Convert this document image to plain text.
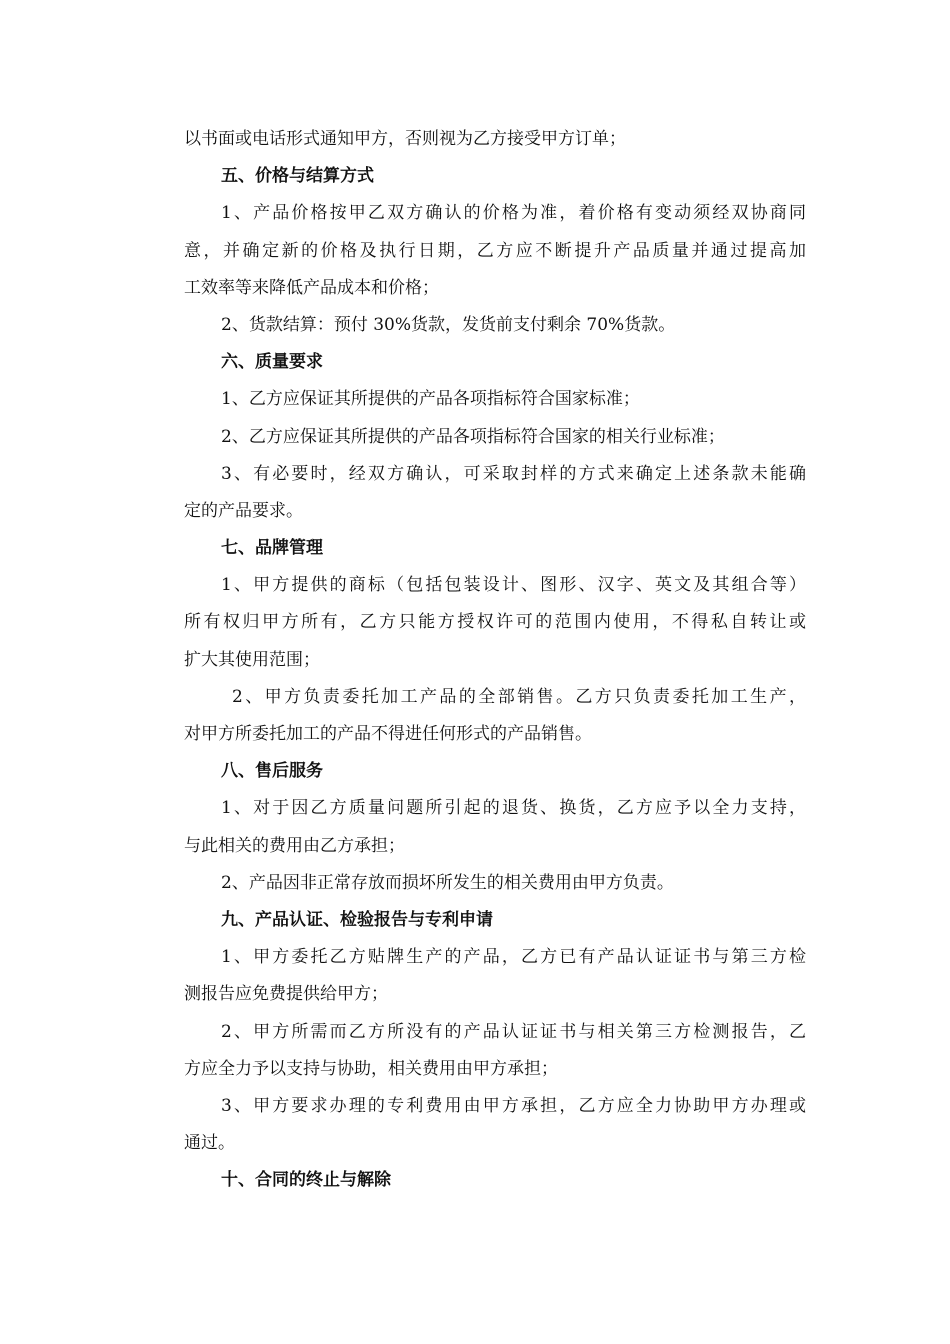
以书面或电话形式通知甲方，否则视为乙方接受甲方订单；

五、价格与结算方式

1、产品价格按甲乙双方确认的价格为准，着价格有变动须经双协商同

意，并确定新的价格及执行日期，乙方应不断提升产品质量并通过提高加

工效率等来降低产品成本和价格；

2、货款结算：预付 30%货款，发货前支付剩余 70%货款。

六、质量要求

1、乙方应保证其所提供的产品各项指标符合国家标准；

2、乙方应保证其所提供的产品各项指标符合国家的相关行业标准；

3、有必要时，经双方确认，可采取封样的方式来确定上述条款未能确

定的产品要求。

七、品牌管理

1、甲方提供的商标（包括包装设计、图形、汉字、英文及其组合等）

所有权归甲方所有，乙方只能方授权许可的范围内使用，不得私自转让或

扩大其使用范围；

2、甲方负责委托加工产品的全部销售。乙方只负责委托加工生产，

对甲方所委托加工的产品不得进任何形式的产品销售。

八、售后服务

1、对于因乙方质量问题所引起的退货、换货，乙方应予以全力支持，

与此相关的费用由乙方承担；

2、产品因非正常存放而损坏所发生的相关费用由甲方负责。

九、产品认证、检验报告与专利申请

1、甲方委托乙方贴牌生产的产品，乙方已有产品认证证书与第三方检

测报告应免费提供给甲方；

2、甲方所需而乙方所没有的产品认证证书与相关第三方检测报告，乙

方应全力予以支持与协助，相关费用由甲方承担；

3、甲方要求办理的专利费用由甲方承担，乙方应全力协助甲方办理或

通过。

十、合同的终止与解除
